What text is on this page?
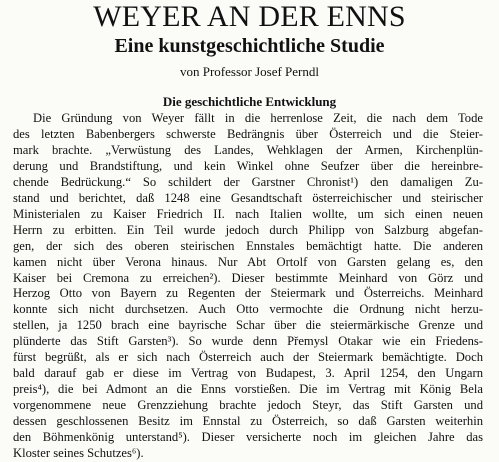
WEYER AN DER ENNS
Eine kunstgeschichtliche Studie
von Professor Josef Perndl
Die geschichtliche Entwicklung
Die Gründung von Weyer fällt in die herrenlose Zeit, die nach dem Tode
des letzten Babenbergers schwerste Bedrängnis über Österreich und die Steier-
mark brachte. „Verwüstung des Landes, Wehklagen der Armen, Kirchenplün-
derung und Brandstiftung, und kein Winkel ohne Seufzer über die hereinbre-
chende Bedrückung.“ So schildert der Garstner Chronist¹) den damaligen Zu-
stand und berichtet, daß 1248 eine Gesandtschaft österreichischer und steirischer
Ministerialen zu Kaiser Friedrich II. nach Italien wollte, um sich einen neuen
Herrn zu erbitten. Ein Teil wurde jedoch durch Philipp von Salzburg abgefan-
gen, der sich des oberen steirischen Ennstales bemächtigt hatte. Die anderen
kamen nicht über Verona hinaus. Nur Abt Ortolf von Garsten gelang es, den
Kaiser bei Cremona zu erreichen²). Dieser bestimmte Meinhard von Görz und
Herzog Otto von Bayern zu Regenten der Steiermark und Österreichs. Meinhard
konnte sich nicht durchsetzen. Auch Otto vermochte die Ordnung nicht herzu-
stellen, ja 1250 brach eine bayrische Schar über die steiermärkische Grenze und
plünderte das Stift Garsten³). So wurde denn Přemysl Otakar wie ein Friedens-
fürst begrüßt, als er sich nach Österreich auch der Steiermark bemächtigte. Doch
bald darauf gab er diese im Vertrag von Budapest, 3. April 1254, den Ungarn
preis⁴), die bei Admont an die Enns vorstießen. Die im Vertrag mit König Bela
vorgenommene neue Grenzziehung brachte jedoch Steyr, das Stift Garsten und
dessen geschlossenen Besitz im Ennstal zu Österreich, so daß Garsten weiterhin
den Böhmenkönig unterstand⁵). Dieser versicherte noch im gleichen Jahre das
Kloster seines Schutzes⁶).
